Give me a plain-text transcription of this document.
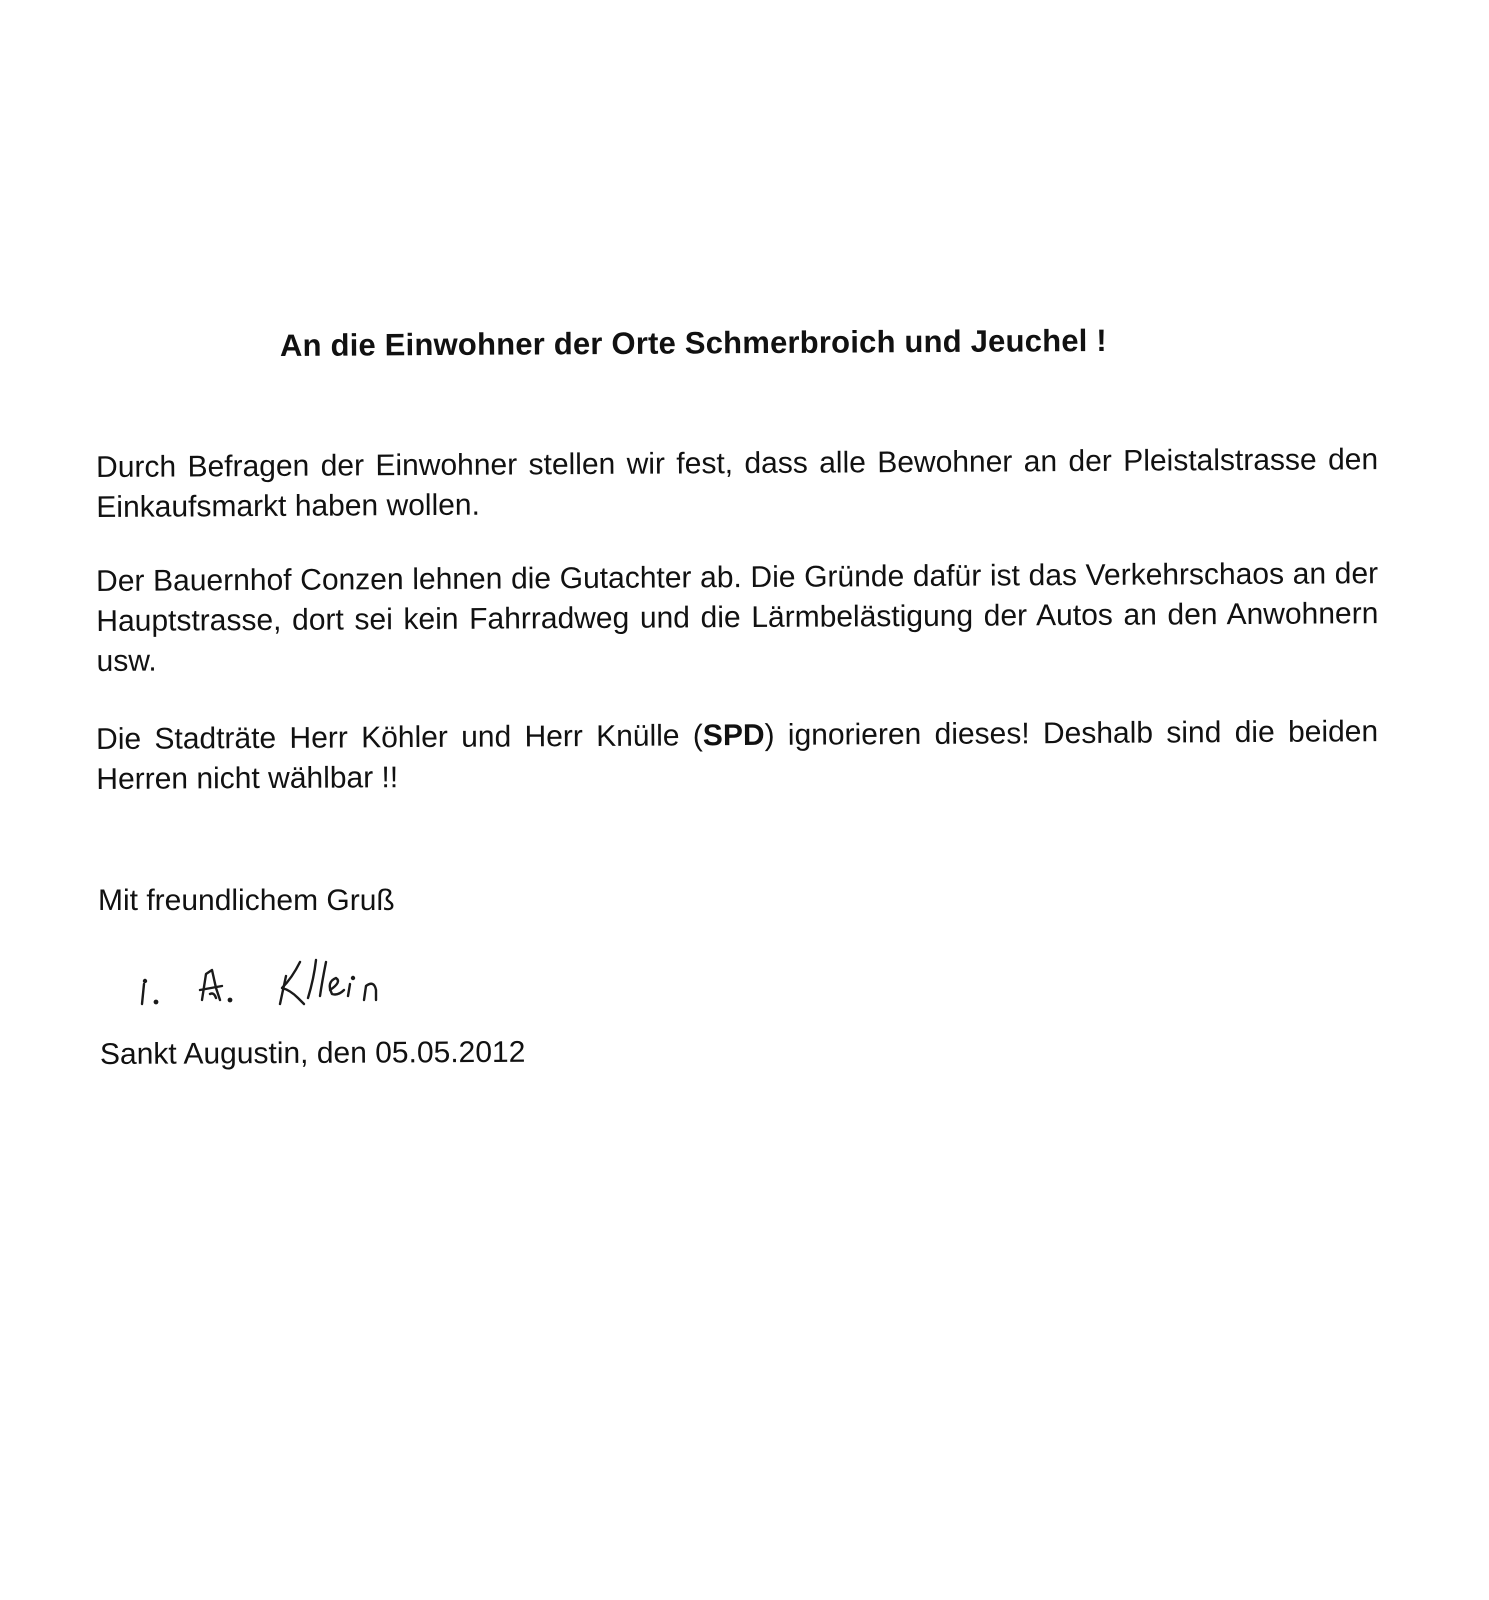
An die Einwohner der Orte Schmerbroich und Jeuchel !

Durch Befragen der Einwohner stellen wir fest, dass alle Bewohner an der Pleistalstrasse den Einkaufsmarkt haben wollen.

Der Bauernhof Conzen lehnen die Gutachter ab. Die Gründe dafür ist das Verkehrschaos an der Hauptstrasse, dort sei kein Fahrradweg und die Lärmbelästigung der Autos an den Anwohnern usw.

Die Stadträte Herr Köhler und Herr Knülle (SPD) ignorieren dieses! Deshalb sind die beiden Herren nicht wählbar !!

Mit freundlichem Gruß

Sankt Augustin, den 05.05.2012
